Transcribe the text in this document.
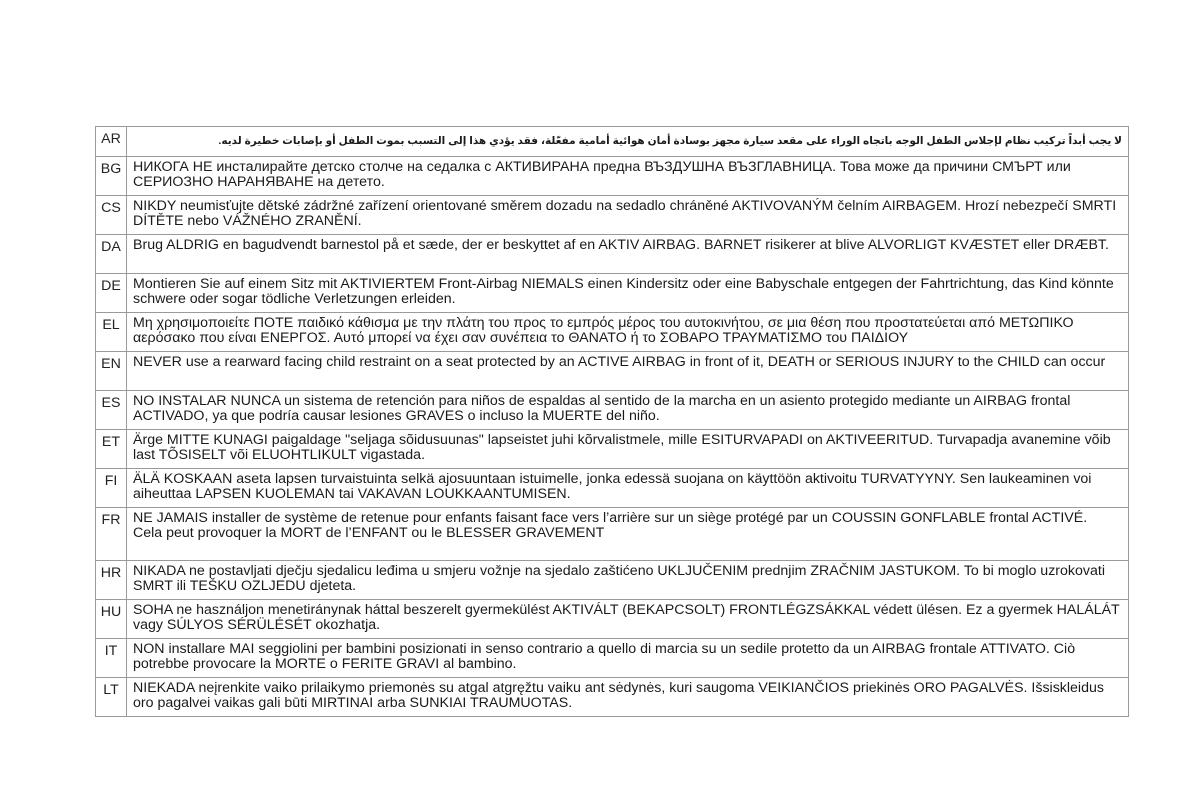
AR	لا يجب أبداً تركيب نظام لإجلاس الطفل الوجه باتجاه الوراء على مقعد سيارة مجهز بوسادة أمان هوائية أمامية مفعّلة، فقد يؤدي هذا إلى التسبب بموت الطفل أو بإصابات خطيرة لديه.
BG	НИКОГА НЕ инсталирайте детско столче на седалка с АКТИВИРАНА предна ВЪЗДУШНА ВЪЗГЛАВНИЦА. Това може да причини СМЪРТ или СЕРИОЗНО НАРАНЯВАНЕ на детето.
CS	NIKDY neumisťujte dětské zádržné zařízení orientované směrem dozadu na sedadlo chráněné AKTIVOVANÝM čelním AIRBAGEM. Hrozí nebezpečí SMRTI DÍTĚTE nebo VÁŽNÉHO ZRANĚNÍ.
DA	Brug ALDRIG en bagudvendt barnestol på et sæde, der er beskyttet af en AKTIV AIRBAG. BARNET risikerer at blive ALVORLIGT KVÆSTET eller DRÆBT.
DE	Montieren Sie auf einem Sitz mit AKTIVIERTEM Front-Airbag NIEMALS einen Kindersitz oder eine Babyschale entgegen der Fahrtrichtung, das Kind könnte schwere oder sogar tödliche Verletzungen erleiden.
EL	Μη χρησιμοποιείτε ΠΟΤΕ παιδικό κάθισμα με την πλάτη του προς το εμπρός μέρος του αυτοκινήτου, σε μια θέση που προστατεύεται από ΜΕΤΩΠΙΚΟ αερόσακο που είναι ΕΝΕΡΓΟΣ. Αυτό μπορεί να έχει σαν συνέπεια το ΘΑΝΑΤΟ ή το ΣΟΒΑΡΟ ΤΡΑΥΜΑΤΙΣΜΟ του ΠΑΙΔΙΟΥ
EN	NEVER use a rearward facing child restraint on a seat protected by an ACTIVE AIRBAG in front of it, DEATH or SERIOUS INJURY to the CHILD can occur
ES	NO INSTALAR NUNCA un sistema de retención para niños de espaldas al sentido de la marcha en un asiento protegido mediante un AIRBAG frontal ACTIVADO, ya que podría causar lesiones GRAVES o incluso la MUERTE del niño.
ET	Ärge MITTE KUNAGI paigaldage "seljaga sõidusuunas" lapseistet juhi kõrvalistmele, mille ESITURVAPADI on AKTIVEERITUD. Turvapadja avanemine võib last TÕSISELT või ELUOHTLIKULT vigastada.
FI	ÄLÄ KOSKAAN aseta lapsen turvaistuinta selkä ajosuuntaan istuimelle, jonka edessä suojana on käyttöön aktivoitu TURVATYYNY. Sen laukeaminen voi aiheuttaa LAPSEN KUOLEMAN tai VAKAVAN LOUKKAANTUMISEN.
FR	NE JAMAIS installer de système de retenue pour enfants faisant face vers l’arrière sur un siège protégé par un COUSSIN GONFLABLE frontal ACTIVÉ.
Cela peut provoquer la MORT de l’ENFANT ou le BLESSER GRAVEMENT
HR	NIKADA ne postavljati dječju sjedalicu leđima u smjeru vožnje na sjedalo zaštićeno UKLJUČENIM prednjim ZRAČNIM JASTUKOM. To bi moglo uzrokovati SMRT ili TEŠKU OZLJEDU djeteta.
HU	SOHA ne használjon menetiránynak háttal beszerelt gyermekülést AKTIVÁLT (BEKAPCSOLT) FRONTLÉGZSÁKKAL védett ülésen. Ez a gyermek HALÁLÁT vagy SÚLYOS SÉRÜLÉSÉT okozhatja.
IT	NON installare MAI seggiolini per bambini posizionati in senso contrario a quello di marcia su un sedile protetto da un AIRBAG frontale ATTIVATO. Ciò potrebbe provocare la MORTE o FERITE GRAVI al bambino.
LT	NIEKADA neįrenkite vaiko prilaikymo priemonės su atgal atgręžtu vaiku ant sėdynės, kuri saugoma VEIKIANČIOS priekinės ORO PAGALVĖS. Išsiskleidus oro pagalvei vaikas gali būti MIRTINAI arba SUNKIAI TRAUMUOTAS.
